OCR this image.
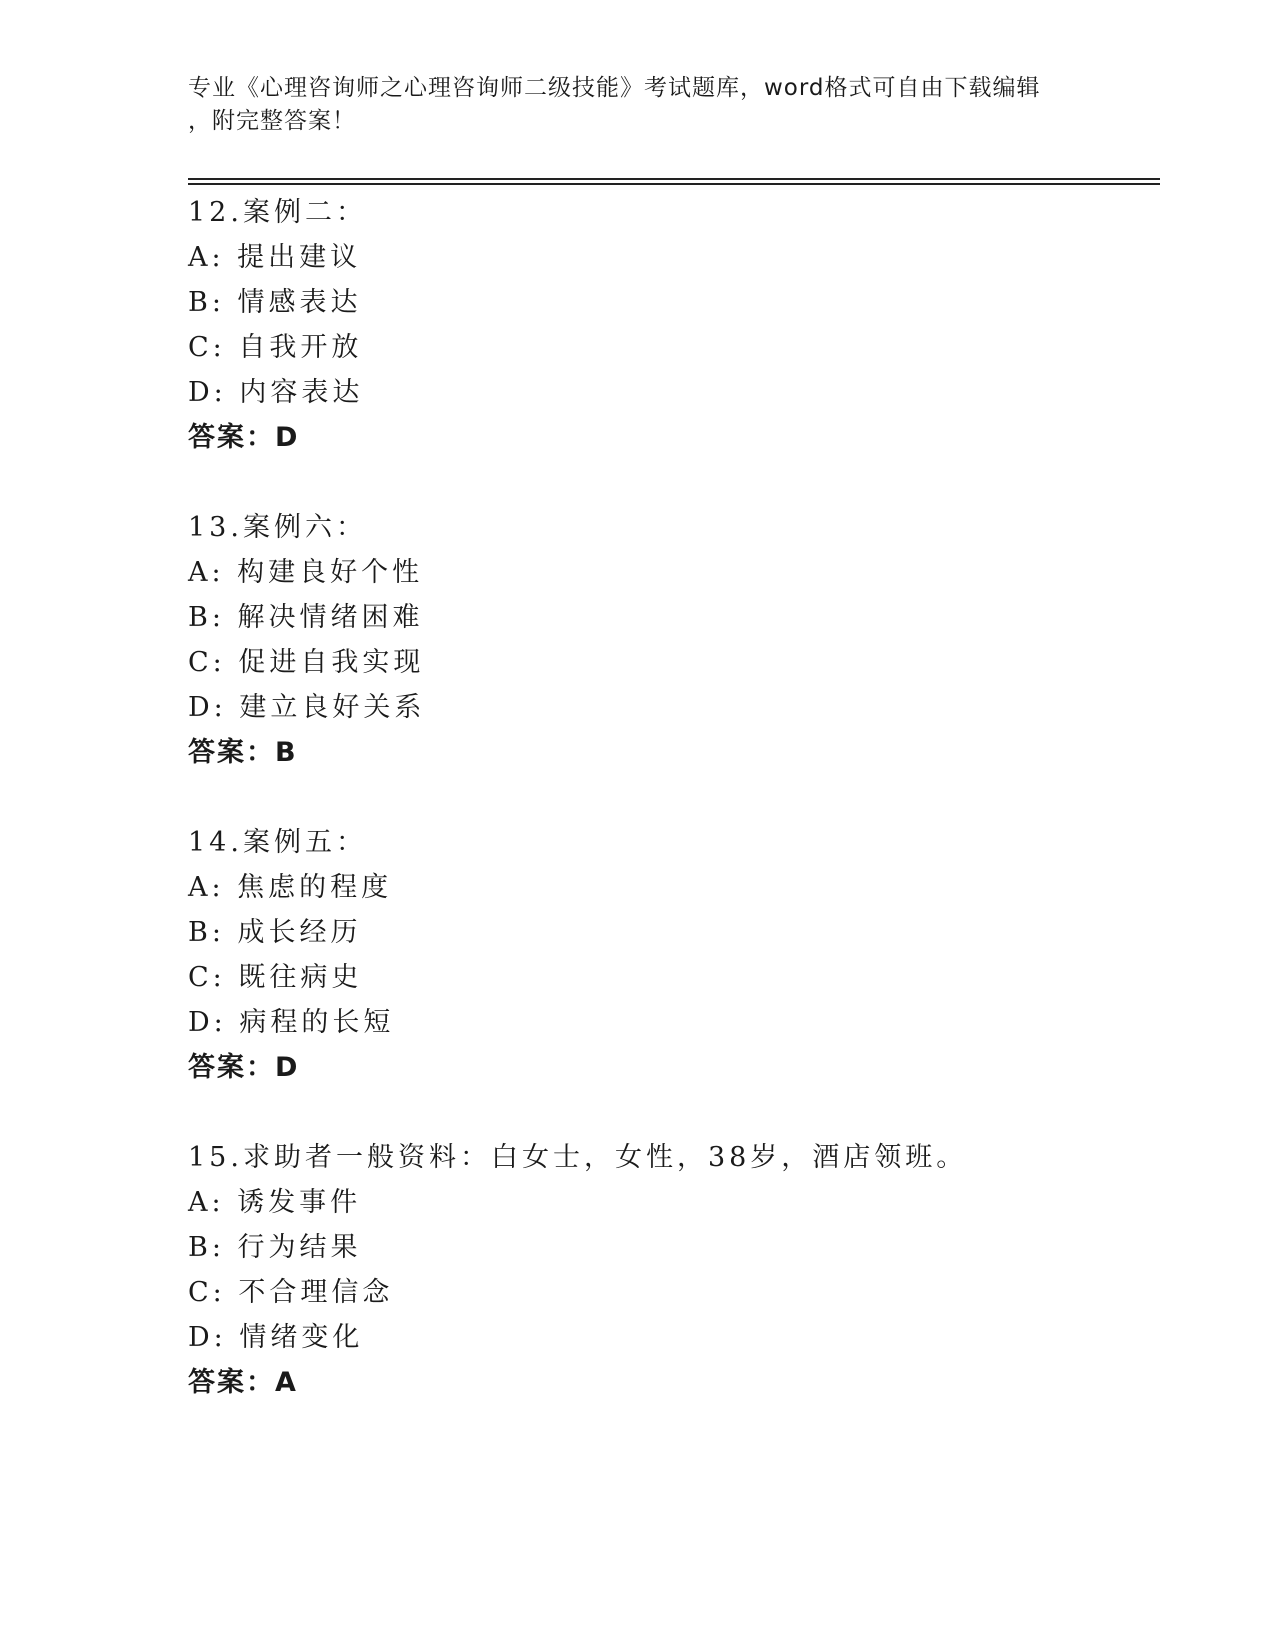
专业《心理咨询师之心理咨询师二级技能》考试题库，word格式可自由下载编辑
，附完整答案！
12.案例二：
A: 提出建议
B: 情感表达
C: 自我开放
D: 内容表达
答案：D
13.案例六：
A: 构建良好个性
B: 解决情绪困难
C: 促进自我实现
D: 建立良好关系
答案：B
14.案例五：
A: 焦虑的程度
B: 成长经历
C: 既往病史
D: 病程的长短
答案：D
15.求助者一般资料：白女士，女性，38岁，酒店领班。
A: 诱发事件
B: 行为结果
C: 不合理信念
D: 情绪变化
答案：A
